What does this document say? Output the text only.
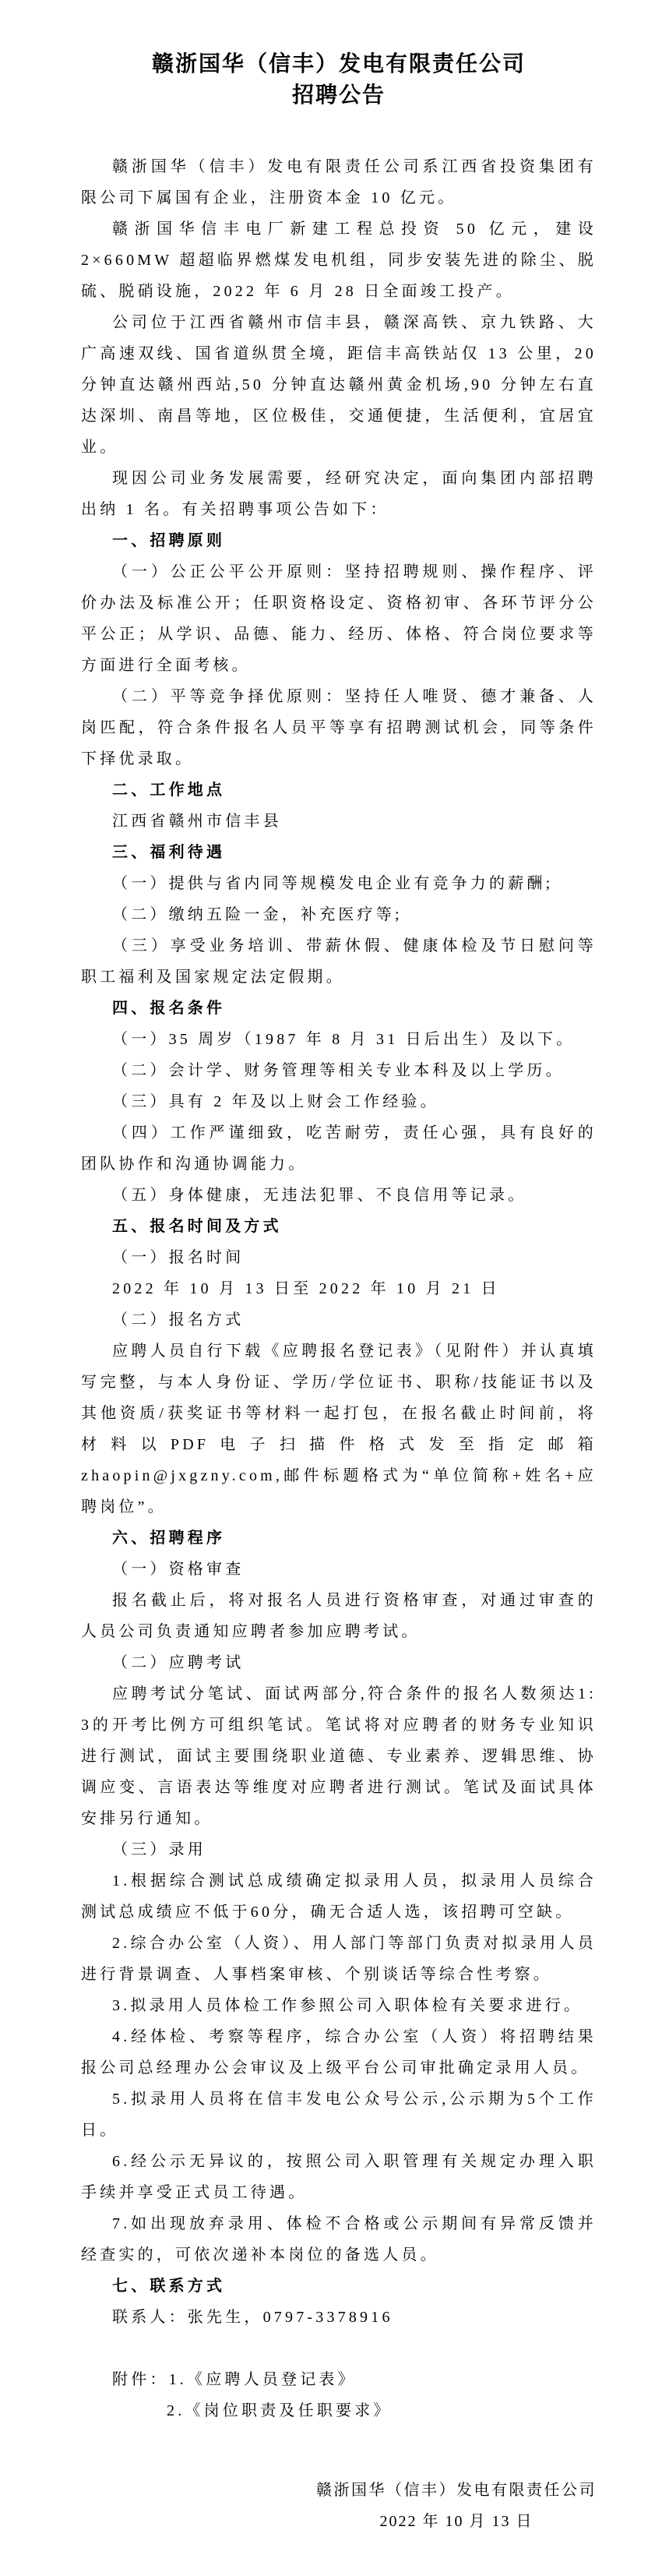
赣浙国华（信丰）发电有限责任公司
招聘公告

赣浙国华（信丰）发电有限责任公司系江西省投资集团有限公司下属国有企业，注册资本金 10 亿元。

赣浙国华信丰电厂新建工程总投资 50 亿元，建设 2×660MW 超超临界燃煤发电机组，同步安装先进的除尘、脱硫、脱硝设施，2022 年 6 月 28 日全面竣工投产。

公司位于江西省赣州市信丰县，赣深高铁、京九铁路、大广高速双线、国省道纵贯全境，距信丰高铁站仅 13 公里，20 分钟直达赣州西站,50 分钟直达赣州黄金机场,90 分钟左右直达深圳、南昌等地，区位极佳，交通便捷，生活便利，宜居宜业。

现因公司业务发展需要，经研究决定，面向集团内部招聘出纳 1 名。有关招聘事项公告如下：

一、招聘原则

（一）公正公平公开原则：坚持招聘规则、操作程序、评价办法及标准公开；任职资格设定、资格初审、各环节评分公平公正；从学识、品德、能力、经历、体格、符合岗位要求等方面进行全面考核。

（二）平等竞争择优原则：坚持任人唯贤、德才兼备、人岗匹配，符合条件报名人员平等享有招聘测试机会，同等条件下择优录取。

二、工作地点

江西省赣州市信丰县

三、福利待遇

（一）提供与省内同等规模发电企业有竞争力的薪酬;

（二）缴纳五险一金，补充医疗等;

（三）享受业务培训、带薪休假、健康体检及节日慰问等职工福利及国家规定法定假期。

四、报名条件

（一）35 周岁（1987 年 8 月 31 日后出生）及以下。

（二）会计学、财务管理等相关专业本科及以上学历。

（三）具有 2 年及以上财会工作经验。

（四）工作严谨细致，吃苦耐劳，责任心强，具有良好的团队协作和沟通协调能力。

（五）身体健康，无违法犯罪、不良信用等记录。

五、报名时间及方式

（一）报名时间

2022 年 10 月 13 日至 2022 年 10 月 21 日

（二）报名方式

应聘人员自行下载《应聘报名登记表》（见附件）并认真填写完整，与本人身份证、学历/学位证书、职称/技能证书以及其他资质/获奖证书等材料一起打包，在报名截止时间前，将材料以PDF电子扫描件格式发至指定邮箱zhaopin@jxgzny.com,邮件标题格式为“单位简称+姓名+应聘岗位”。

六、招聘程序

（一）资格审查

报名截止后，将对报名人员进行资格审查，对通过审查的人员公司负责通知应聘者参加应聘考试。

（二）应聘考试

应聘考试分笔试、面试两部分,符合条件的报名人数须达1: 3的开考比例方可组织笔试。笔试将对应聘者的财务专业知识进行测试，面试主要围绕职业道德、专业素养、逻辑思维、协调应变、言语表达等维度对应聘者进行测试。笔试及面试具体安排另行通知。

（三）录用

1.根据综合测试总成绩确定拟录用人员，拟录用人员综合测试总成绩应不低于60分，确无合适人选，该招聘可空缺。

2.综合办公室（人资）、用人部门等部门负责对拟录用人员进行背景调查、人事档案审核、个别谈话等综合性考察。

3.拟录用人员体检工作参照公司入职体检有关要求进行。

4.经体检、考察等程序，综合办公室（人资）将招聘结果报公司总经理办公会审议及上级平台公司审批确定录用人员。

5.拟录用人员将在信丰发电公众号公示,公示期为5个工作日。

6.经公示无异议的，按照公司入职管理有关规定办理入职手续并享受正式员工待遇。

7.如出现放弃录用、体检不合格或公示期间有异常反馈并经查实的，可依次递补本岗位的备选人员。

七、联系方式

联系人：张先生，0797-3378916

附件：1.《应聘人员登记表》

2.《岗位职责及任职要求》

赣浙国华（信丰）发电有限责任公司

2022 年 10 月 13 日
